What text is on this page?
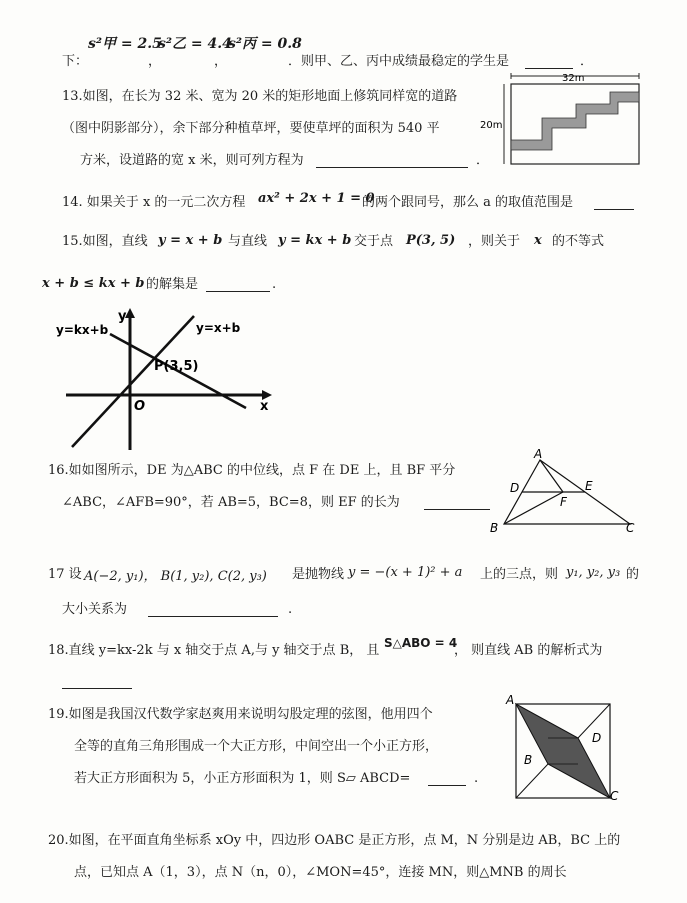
s²甲 = 2.5
s²乙 = 4.4
s²丙 = 0.8
下：	，	，	．则甲、乙、丙中成绩最稳定的学生是	．
13.如图，在长为 32 米、宽为 20 米的矩形地面上修筑同样宽的道路
（图中阴影部分），余下部分种植草坪，要使草坪的面积为 540 平
方米，设道路的宽 x 米，则可列方程为	．
32m
20m
14. 如果关于 x 的一元二次方程 ax² + 2x + 1 = 0
的两个跟同号，那么 a 的取值范围是
15.如图，直线 y = x + b 与直线 y = kx + b 交于点 P(3, 5) ，则关于 x 的不等式
x + b ≤ kx + b 的解集是	.
y=kx+b	y=x+b
P(3,5)
y
x
O
16.如如图所示，DE 为△ABC 的中位线，点 F 在 DE 上，且 BF 平分
∠ABC，∠AFB=90°，若 AB=5，BC=8，则 EF 的长为
A
B	C
D	E
F
17 设 A(−2, y₁)， B(1, y₂), C(2, y₃) 是抛物线 y = −(x + 1)² + a 上的三点，则 y₁, y₂, y₃ 的
大小关系为	.
18.直线 y=kx-2k 与 x 轴交于点 A,与 y 轴交于点 B， 且 S△ABO = 4
， 则直线 AB 的解析式为
19.如图是我国汉代数学家赵爽用来说明勾股定理的弦图，他用四个
全等的直角三角形围成一个大正方形，中间空出一个小正方形，
若大正方形面积为 5，小正方形面积为 1，则 S▱ ABCD=	.
A
B
C
D
20.如图，在平面直角坐标系 xOy 中，四边形 OABC 是正方形，点 M，N 分别是边 AB，BC 上的
点，已知点 A（1，3），点 N（n，0），∠MON=45°，连接 MN，则△MNB 的周长
